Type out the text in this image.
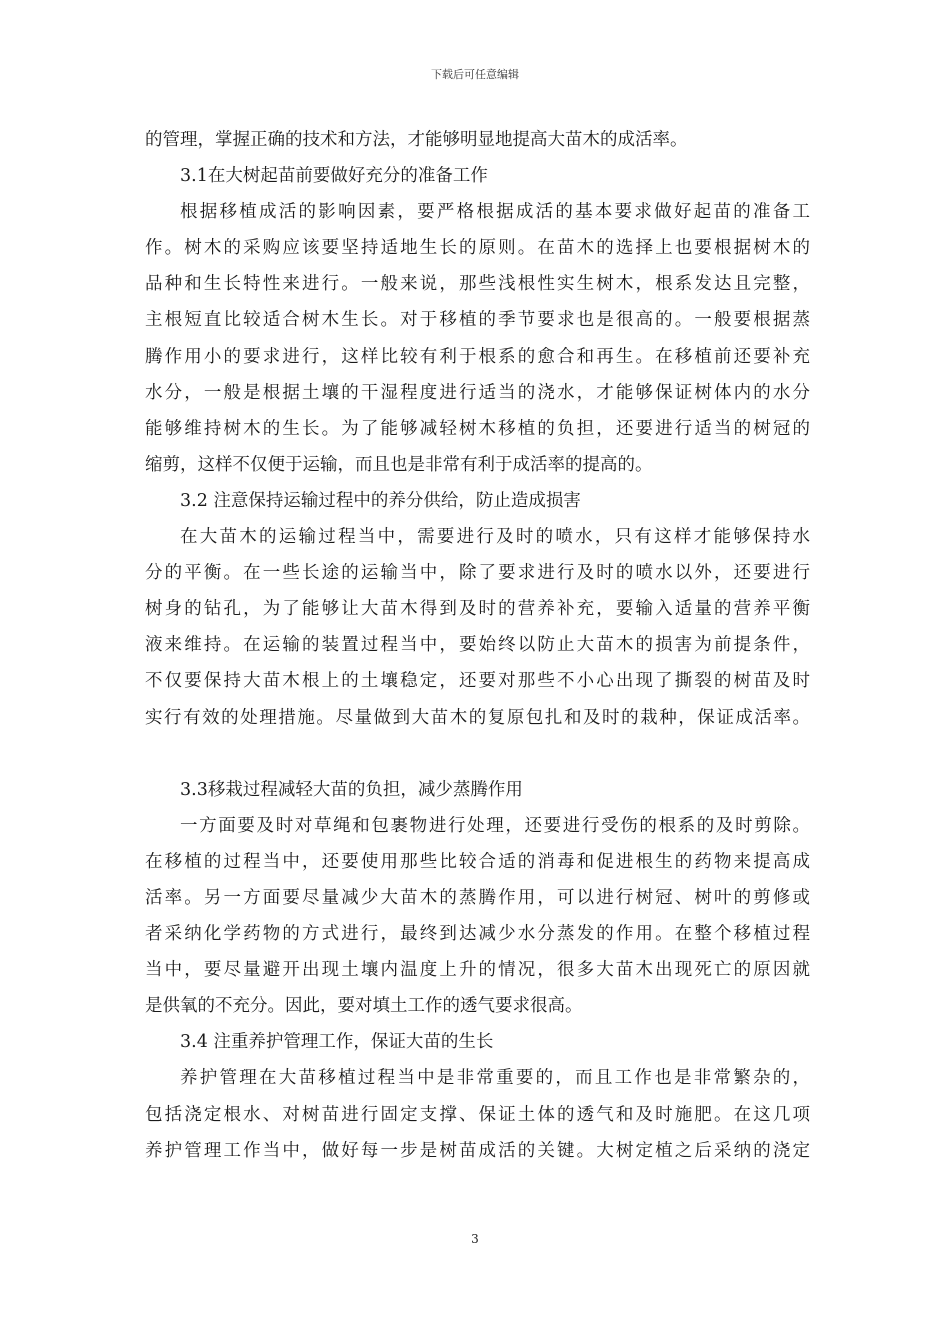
下载后可任意编辑
的管理，掌握正确的技术和方法，才能够明显地提高大苗木的成活率。
3.1在大树起苗前要做好充分的准备工作
根据移植成活的影响因素，要严格根据成活的基本要求做好起苗的准备工
作。树木的采购应该要坚持适地生长的原则。在苗木的选择上也要根据树木的
品种和生长特性来进行。一般来说，那些浅根性实生树木，根系发达且完整，
主根短直比较适合树木生长。对于移植的季节要求也是很高的。一般要根据蒸
腾作用小的要求进行，这样比较有利于根系的愈合和再生。在移植前还要补充
水分，一般是根据土壤的干湿程度进行适当的浇水，才能够保证树体内的水分
能够维持树木的生长。为了能够减轻树木移植的负担，还要进行适当的树冠的
缩剪，这样不仅便于运输，而且也是非常有利于成活率的提高的。
3.2 注意保持运输过程中的养分供给，防止造成损害
在大苗木的运输过程当中，需要进行及时的喷水，只有这样才能够保持水
分的平衡。在一些长途的运输当中，除了要求进行及时的喷水以外，还要进行
树身的钻孔，为了能够让大苗木得到及时的营养补充，要输入适量的营养平衡
液来维持。在运输的装置过程当中，要始终以防止大苗木的损害为前提条件，
不仅要保持大苗木根上的土壤稳定，还要对那些不小心出现了撕裂的树苗及时
实行有效的处理措施。尽量做到大苗木的复原包扎和及时的栽种，保证成活率。
3.3移栽过程减轻大苗的负担，减少蒸腾作用
一方面要及时对草绳和包裹物进行处理，还要进行受伤的根系的及时剪除。
在移植的过程当中，还要使用那些比较合适的消毒和促进根生的药物来提高成
活率。另一方面要尽量减少大苗木的蒸腾作用，可以进行树冠、树叶的剪修或
者采纳化学药物的方式进行，最终到达减少水分蒸发的作用。在整个移植过程
当中，要尽量避开出现土壤内温度上升的情况，很多大苗木出现死亡的原因就
是供氧的不充分。因此，要对填土工作的透气要求很高。
3.4 注重养护管理工作，保证大苗的生长
养护管理在大苗移植过程当中是非常重要的，而且工作也是非常繁杂的，
包括浇定根水、对树苗进行固定支撑、保证土体的透气和及时施肥。在这几项
养护管理工作当中，做好每一步是树苗成活的关键。大树定植之后采纳的浇定
3
